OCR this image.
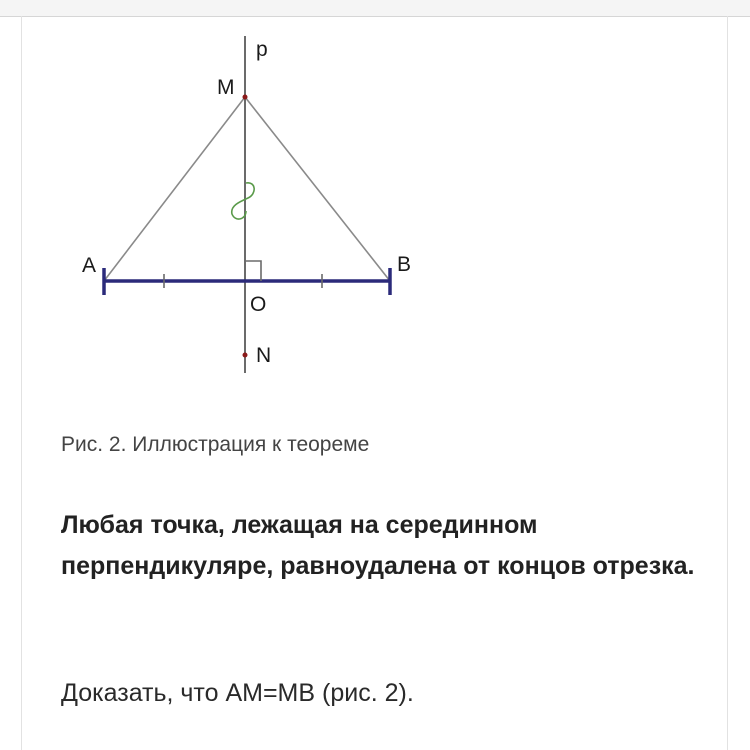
p
M
A	B
O
N

Рис. 2. Иллюстрация к теореме

Любая точка, лежащая на серединном перпендикуляре, равноудалена от концов отрезка.

Доказать, что AM=MB (рис. 2).
